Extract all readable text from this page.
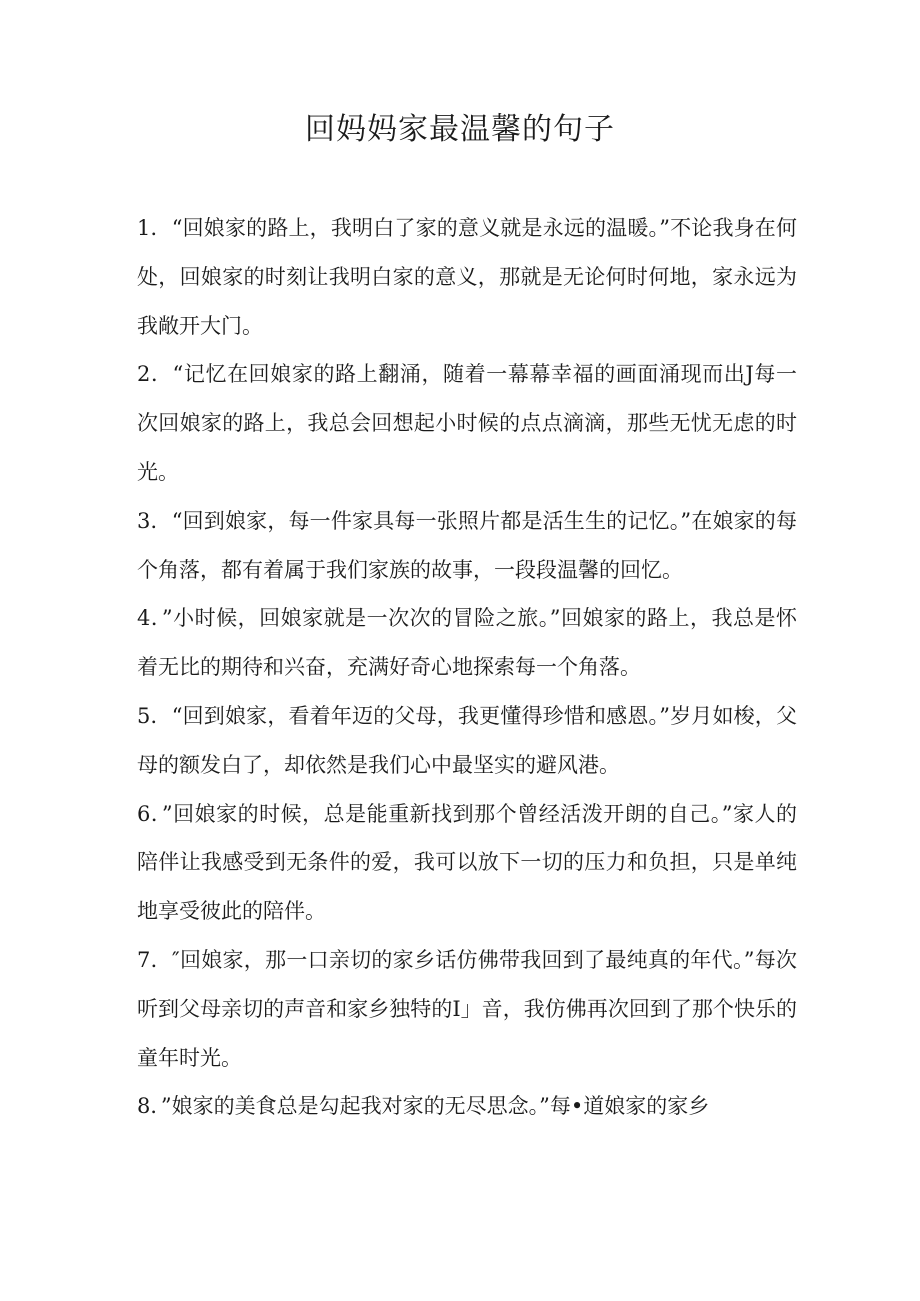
回妈妈家最温馨的句子

1．“回娘家的路上，我明白了家的意义就是永远的温暖。”不论我身在何处，回娘家的时刻让我明白家的意义，那就是无论何时何地，家永远为我敞开大门。

2．“记忆在回娘家的路上翻涌，随着一幕幕幸福的画面涌现而出J每一次回娘家的路上，我总会回想起小时候的点点滴滴，那些无忧无虑的时光。

3．“回到娘家，每一件家具每一张照片都是活生生的记忆。”在娘家的每个角落，都有着属于我们家族的故事，一段段温馨的回忆。

4．”小时候，回娘家就是一次次的冒险之旅。”回娘家的路上，我总是怀着无比的期待和兴奋，充满好奇心地探索每一个角落。

5．“回到娘家，看着年迈的父母，我更懂得珍惜和感恩。”岁月如梭，父母的额发白了，却依然是我们心中最坚实的避风港。

6．”回娘家的时候，总是能重新找到那个曾经活泼开朗的自己。”家人的陪伴让我感受到无条件的爱，我可以放下一切的压力和负担，只是单纯地享受彼此的陪伴。

7．″回娘家，那一口亲切的家乡话仿佛带我回到了最纯真的年代。”每次听到父母亲切的声音和家乡独特的I」音，我仿佛再次回到了那个快乐的童年时光。

8．”娘家的美食总是勾起我对家的无尽思念。”每•道娘家的家乡
